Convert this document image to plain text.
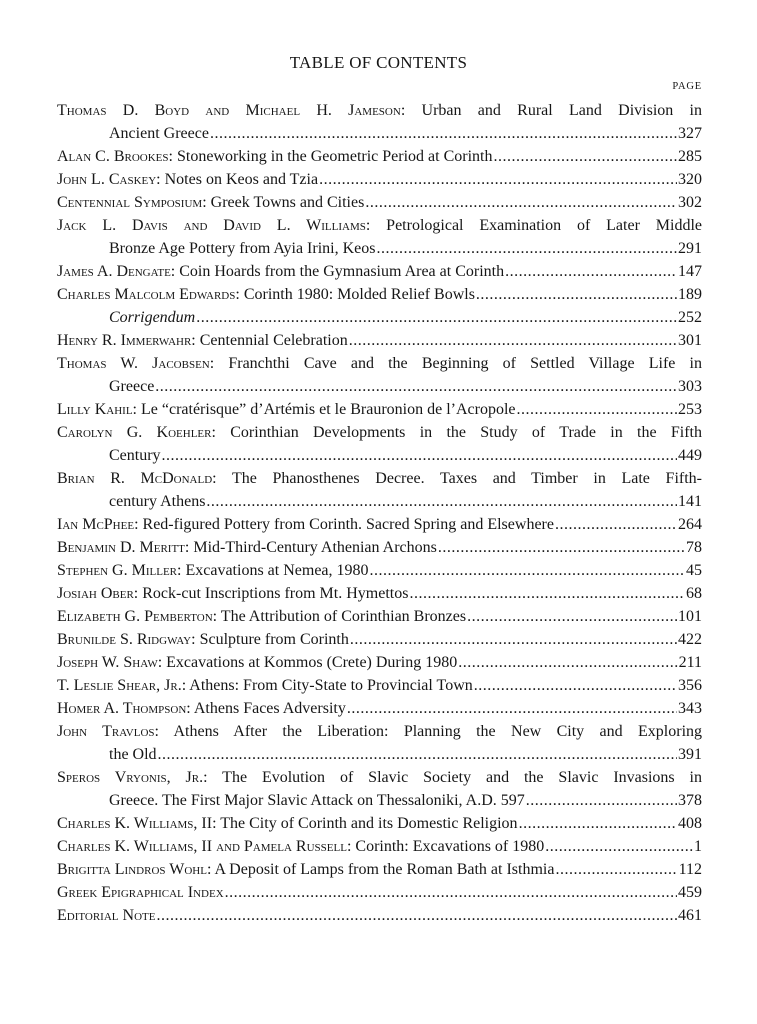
TABLE OF CONTENTS
PAGE
Thomas D. Boyd and Michael H. Jameson: Urban and Rural Land Division in
Ancient Greece .....	327
Alan C. Brookes: Stoneworking in the Geometric Period at Corinth .....	285
John L. Caskey: Notes on Keos and Tzia .....	320
Centennial Symposium: Greek Towns and Cities .....	302
Jack L. Davis and David L. Williams: Petrological Examination of Later Middle
Bronze Age Pottery from Ayia Irini, Keos .....	291
James A. Dengate: Coin Hoards from the Gymnasium Area at Corinth .....	147
Charles Malcolm Edwards: Corinth 1980: Molded Relief Bowls .....	189
Corrigendum .....	252
Henry R. Immerwahr: Centennial Celebration .....	301
Thomas W. Jacobsen: Franchthi Cave and the Beginning of Settled Village Life in
Greece .....	303
Lilly Kahil: Le “cratérisque” d’Artémis et le Brauronion de l’Acropole .....	253
Carolyn G. Koehler: Corinthian Developments in the Study of Trade in the Fifth
Century .....	449
Brian R. McDonald: The Phanosthenes Decree. Taxes and Timber in Late Fifth-
century Athens .....	141
Ian McPhee: Red-figured Pottery from Corinth. Sacred Spring and Elsewhere .....	264
Benjamin D. Meritt: Mid-Third-Century Athenian Archons .....	78
Stephen G. Miller: Excavations at Nemea, 1980 .....	45
Josiah Ober: Rock-cut Inscriptions from Mt. Hymettos .....	68
Elizabeth G. Pemberton: The Attribution of Corinthian Bronzes .....	101
Brunilde S. Ridgway: Sculpture from Corinth .....	422
Joseph W. Shaw: Excavations at Kommos (Crete) During 1980 .....	211
T. Leslie Shear, Jr.: Athens: From City-State to Provincial Town .....	356
Homer A. Thompson: Athens Faces Adversity .....	343
John Travlos: Athens After the Liberation: Planning the New City and Exploring
the Old .....	391
Speros Vryonis, Jr.: The Evolution of Slavic Society and the Slavic Invasions in
Greece. The First Major Slavic Attack on Thessaloniki, A.D. 597 .....	378
Charles K. Williams, II: The City of Corinth and its Domestic Religion .....	408
Charles K. Williams, II and Pamela Russell: Corinth: Excavations of 1980 .....	1
Brigitta Lindros Wohl: A Deposit of Lamps from the Roman Bath at Isthmia .....	112
Greek Epigraphical Index .....	459
Editorial Note .....	461
